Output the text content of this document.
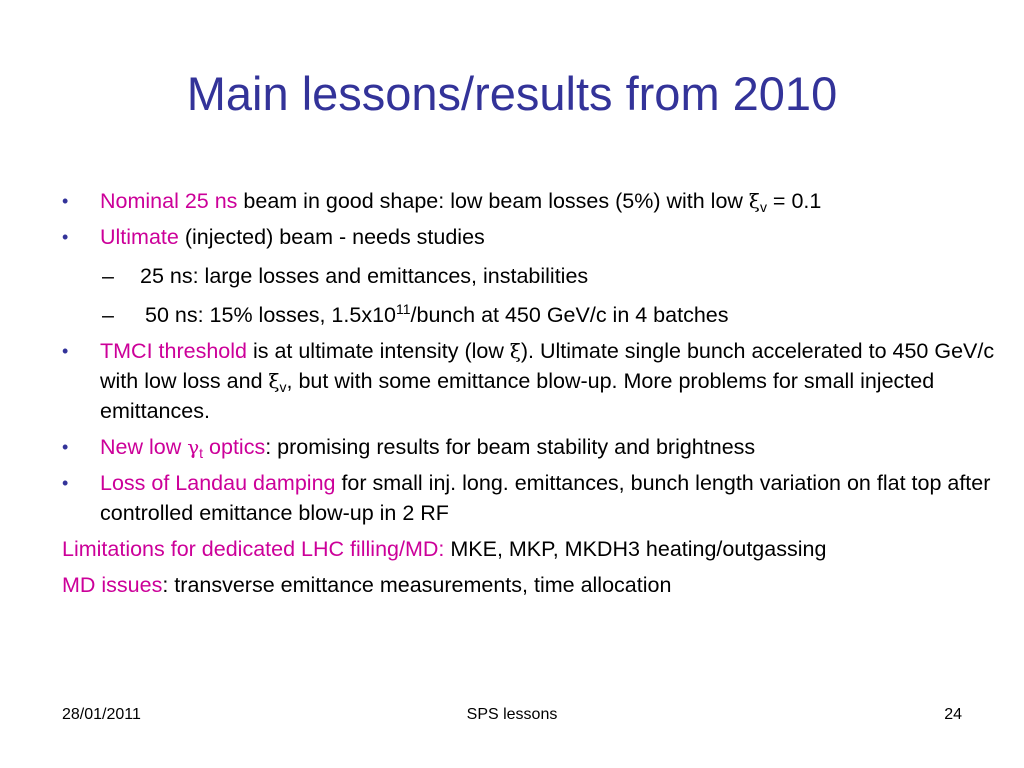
Main lessons/results from 2010
• Nominal 25 ns beam in good shape: low beam losses (5%) with low $\xi_v = 0.1$
• Ultimate (injected) beam - needs studies
– 25 ns: large losses and emittances, instabilities
– 50 ns: 15% losses, $1.5x10^{11}$/bunch at 450 GeV/c in 4 batches
• TMCI threshold is at ultimate intensity (low ξ). Ultimate single bunch accelerated to 450 GeV/c with low loss and $\xi_v$, but with some emittance blow-up. More problems for small injected emittances.
• New low $\gamma_t$ optics: promising results for beam stability and brightness
• Loss of Landau damping for small inj. long. emittances, bunch length variation on flat top after controlled emittance blow-up in 2 RF
Limitations for dedicated LHC filling/MD: MKE, MKP, MKDH3 heating/outgassing
MD issues: transverse emittance measurements, time allocation
28/01/2011	SPS lessons	24
